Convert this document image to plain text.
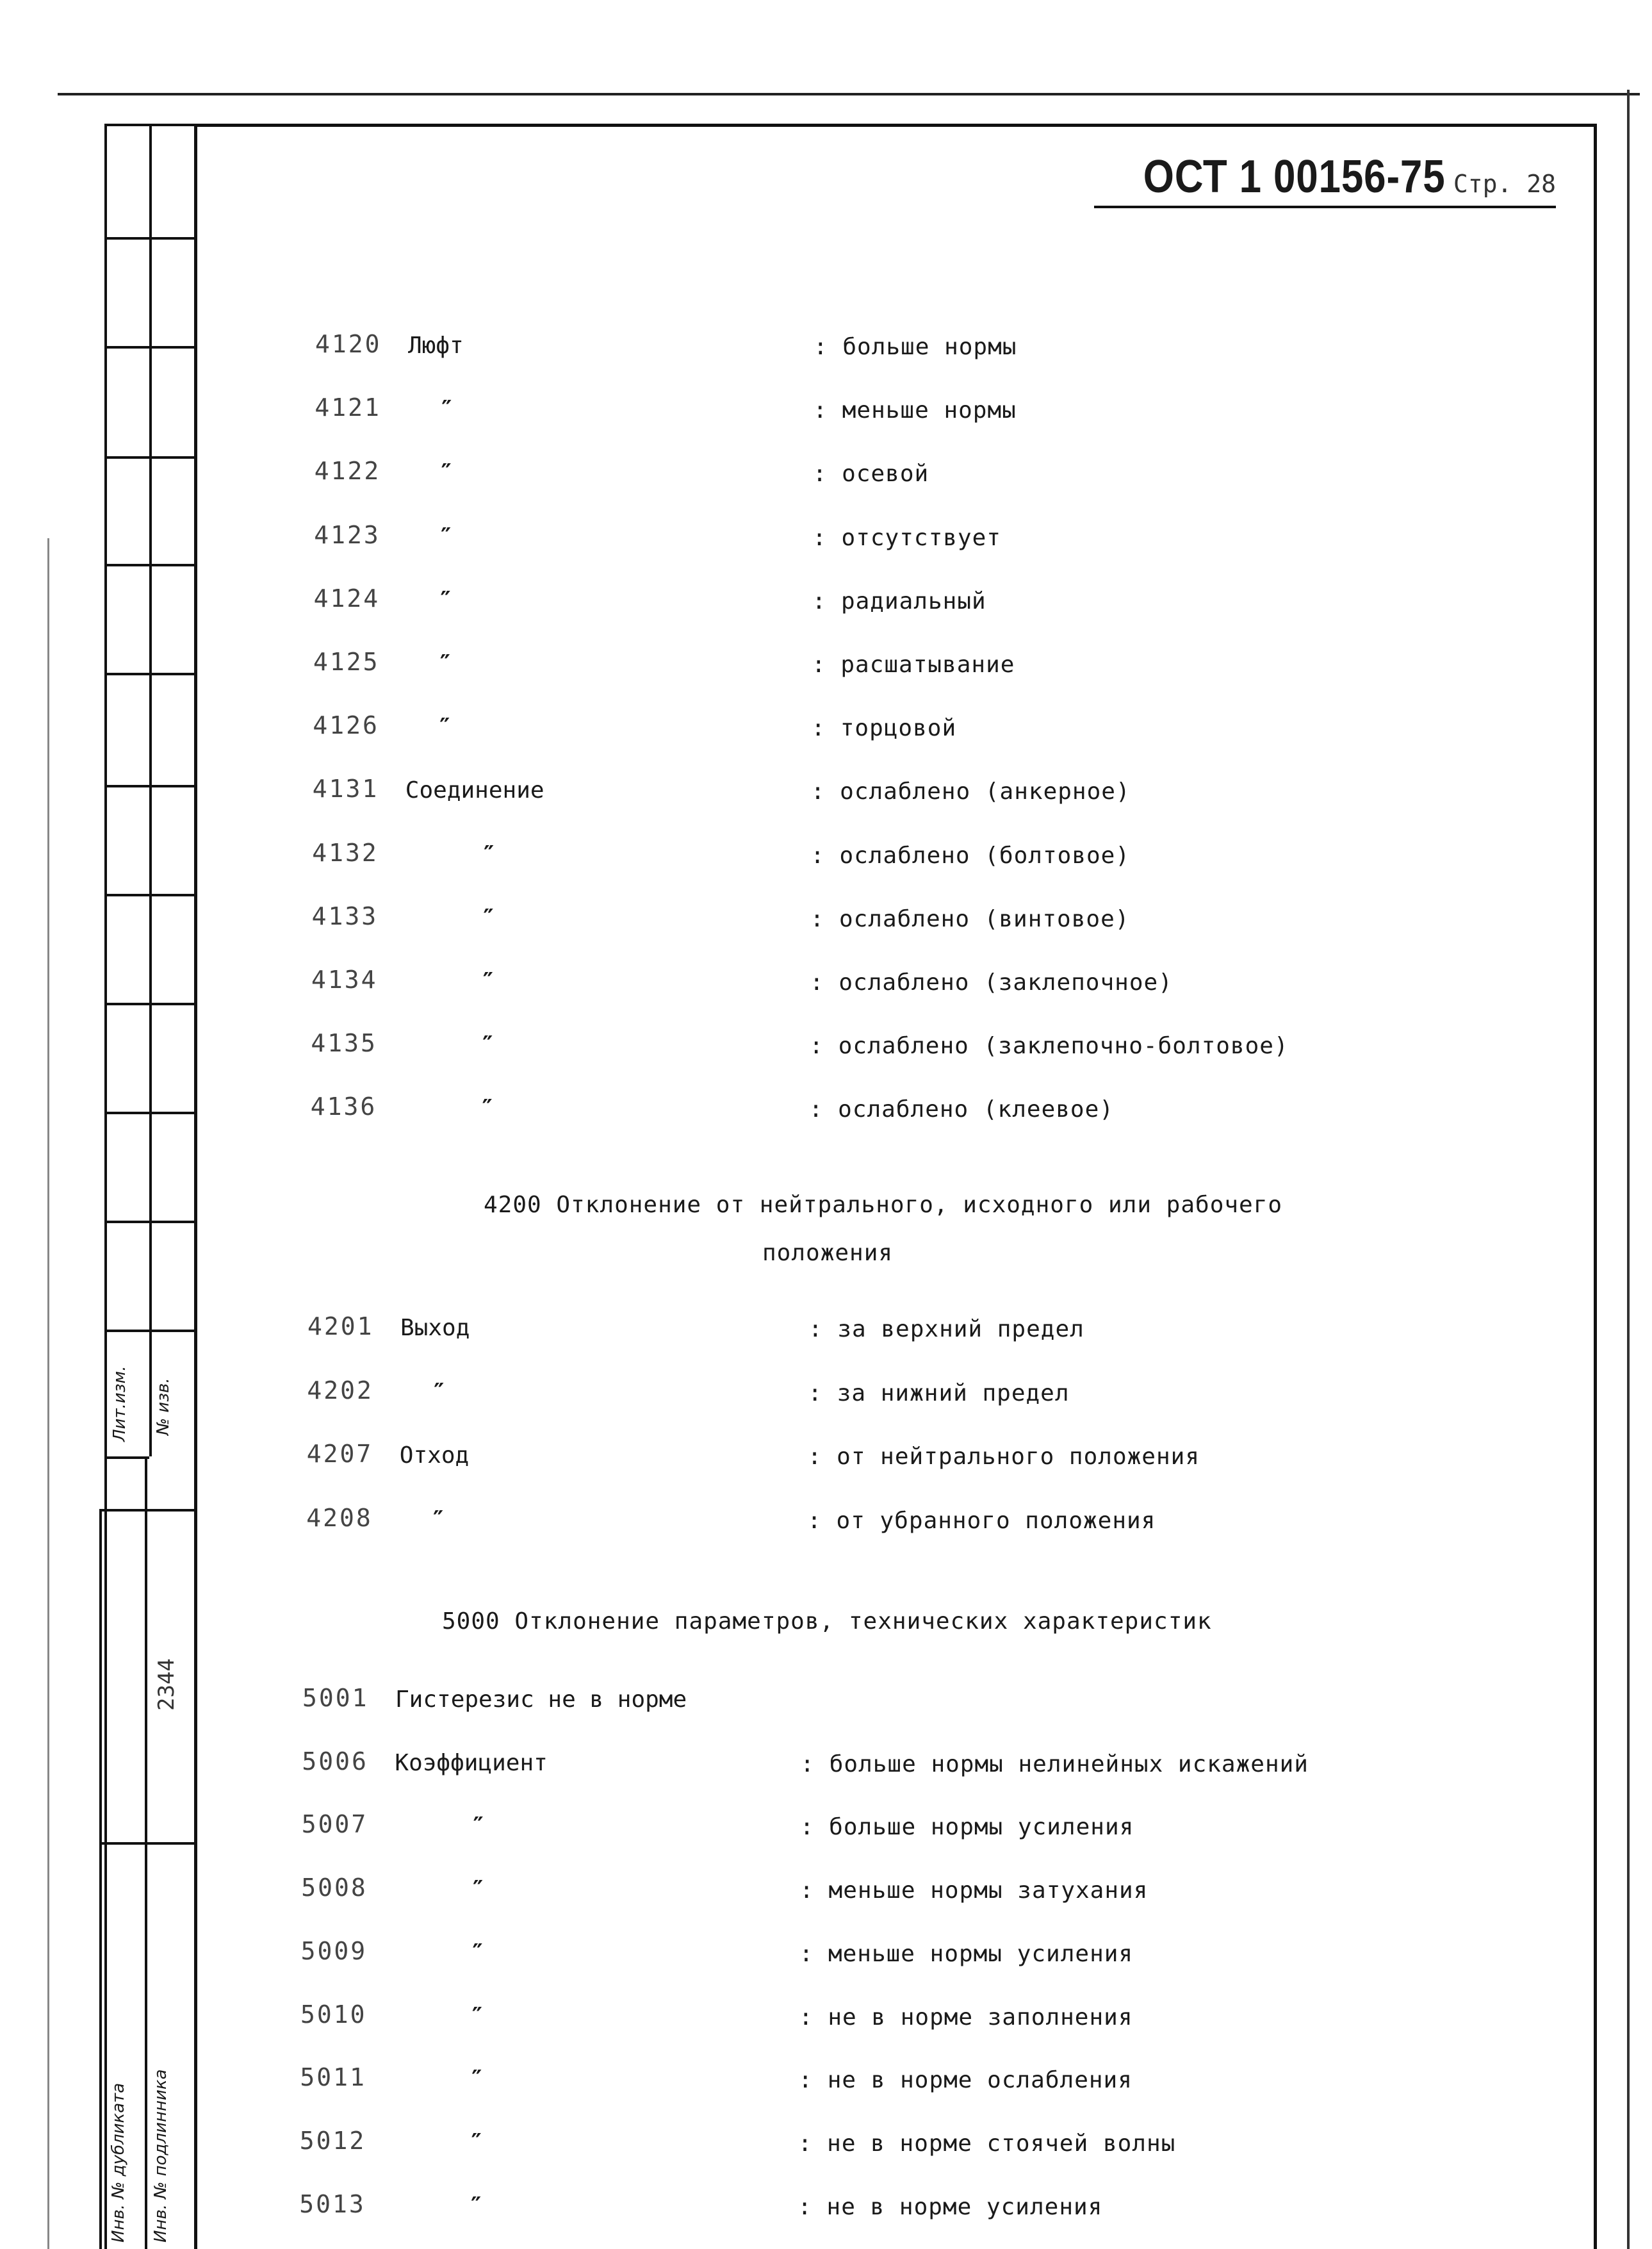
Лит.изм. № изв.
2344
Инв. № дубликата Инв. № подлинника
ОСТ 1 00156-75 Стр. 28
4120 Люфт	: больше нормы
4121	″	: меньше нормы
4122	″	: осевой
4123	″	: отсутствует
4124	″	: радиальный
4125	″	: расшатывание
4126	″	: торцовой
4131 Соединение	: ослаблено (анкерное)
4132	″	: ослаблено (болтовое)
4133	″	: ослаблено (винтовое)
4134	″	: ослаблено (заклепочное)
4135	″	: ослаблено (заклепочно-болтовое)
4136	″	: ослаблено (клеевое)
4200 Отклонение от нейтрального, исходного или рабочего
положения
4201 Выход	: за верхний предел
4202	″	: за нижний предел
4207 Отход	: от нейтрального положения
4208	″	: от убранного положения
5000 Отклонение параметров, технических характеристик
5001 Гистерезис не в норме
5006 Коэффициент	: больше нормы нелинейных искажений
5007	″	: больше нормы усиления
5008	″	: меньше нормы затухания
5009	″	: меньше нормы усиления
5010	″	: не в норме заполнения
5011	″	: не в норме ослабления
5012	″	: не в норме стоячей волны
5013	″	: не в норме усиления
